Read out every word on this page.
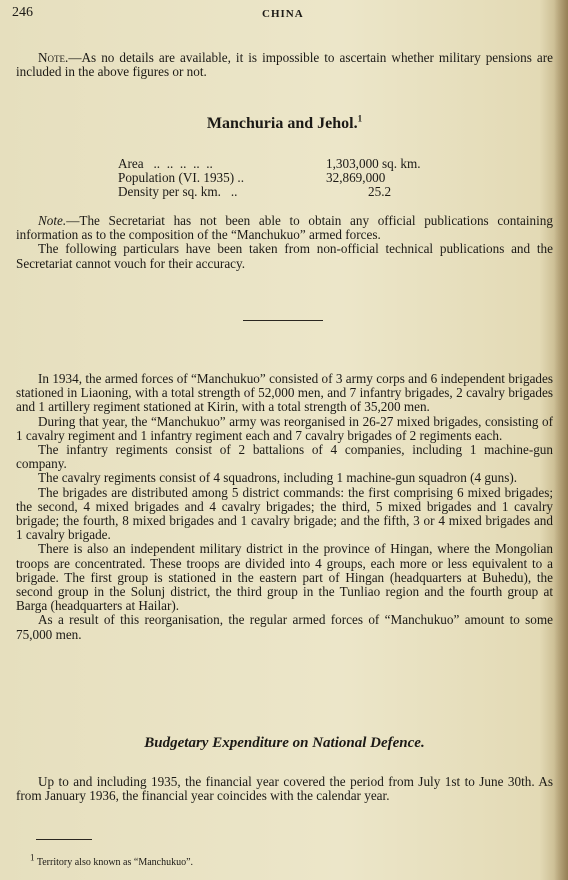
246	CHINA
Note.—As no details are available, it is impossible to ascertain whether military pensions are included in the above figures or not.
Manchuria and Jehol.$^1$
Area   ..  ..  ..  ..  ..	1,303,000 sq. km.
Population (VI. 1935) ..	32,869,000
Density per sq. km.   ..	25.2

Note.—The Secretariat has not been able to obtain any official publications containing information as to the composition of the “Manchukuo” armed forces.

The following particulars have been taken from non-official technical publications and the Secretariat cannot vouch for their accuracy.

In 1934, the armed forces of “Manchukuo” consisted of 3 army corps and 6 independent brigades stationed in Liaoning, with a total strength of 52,000 men, and 7 infantry brigades, 2 cavalry brigades and 1 artillery regiment stationed at Kirin, with a total strength of 35,200 men.

During that year, the “Manchukuo” army was reorganised in 26-27 mixed brigades, consisting of 1 cavalry regiment and 1 infantry regiment each and 7 cavalry brigades of 2 regiments each.

The infantry regiments consist of 2 battalions of 4 companies, including 1 machine-gun company.

The cavalry regiments consist of 4 squadrons, including 1 machine-gun squadron (4 guns).

The brigades are distributed among 5 district commands: the first comprising 6 mixed brigades; the second, 4 mixed brigades and 4 cavalry brigades; the third, 5 mixed brigades and 1 cavalry brigade; the fourth, 8 mixed brigades and 1 cavalry brigade; and the fifth, 3 or 4 mixed brigades and 1 cavalry brigade.

There is also an independent military district in the province of Hingan, where the Mongolian troops are concentrated. These troops are divided into 4 groups, each more or less equivalent to a brigade. The first group is stationed in the eastern part of Hingan (headquarters at Buhedu), the second group in the Solunj district, the third group in the Tunliao region and the fourth group at Barga (headquarters at Hailar).

As a result of this reorganisation, the regular armed forces of “Manchukuo” amount to some 75,000 men.

Budgetary Expenditure on National Defence.
Up to and including 1935, the financial year covered the period from July 1st to June 30th. As from January 1936, the financial year coincides with the calendar year.
$^1$ Territory also known as “Manchukuo”.
